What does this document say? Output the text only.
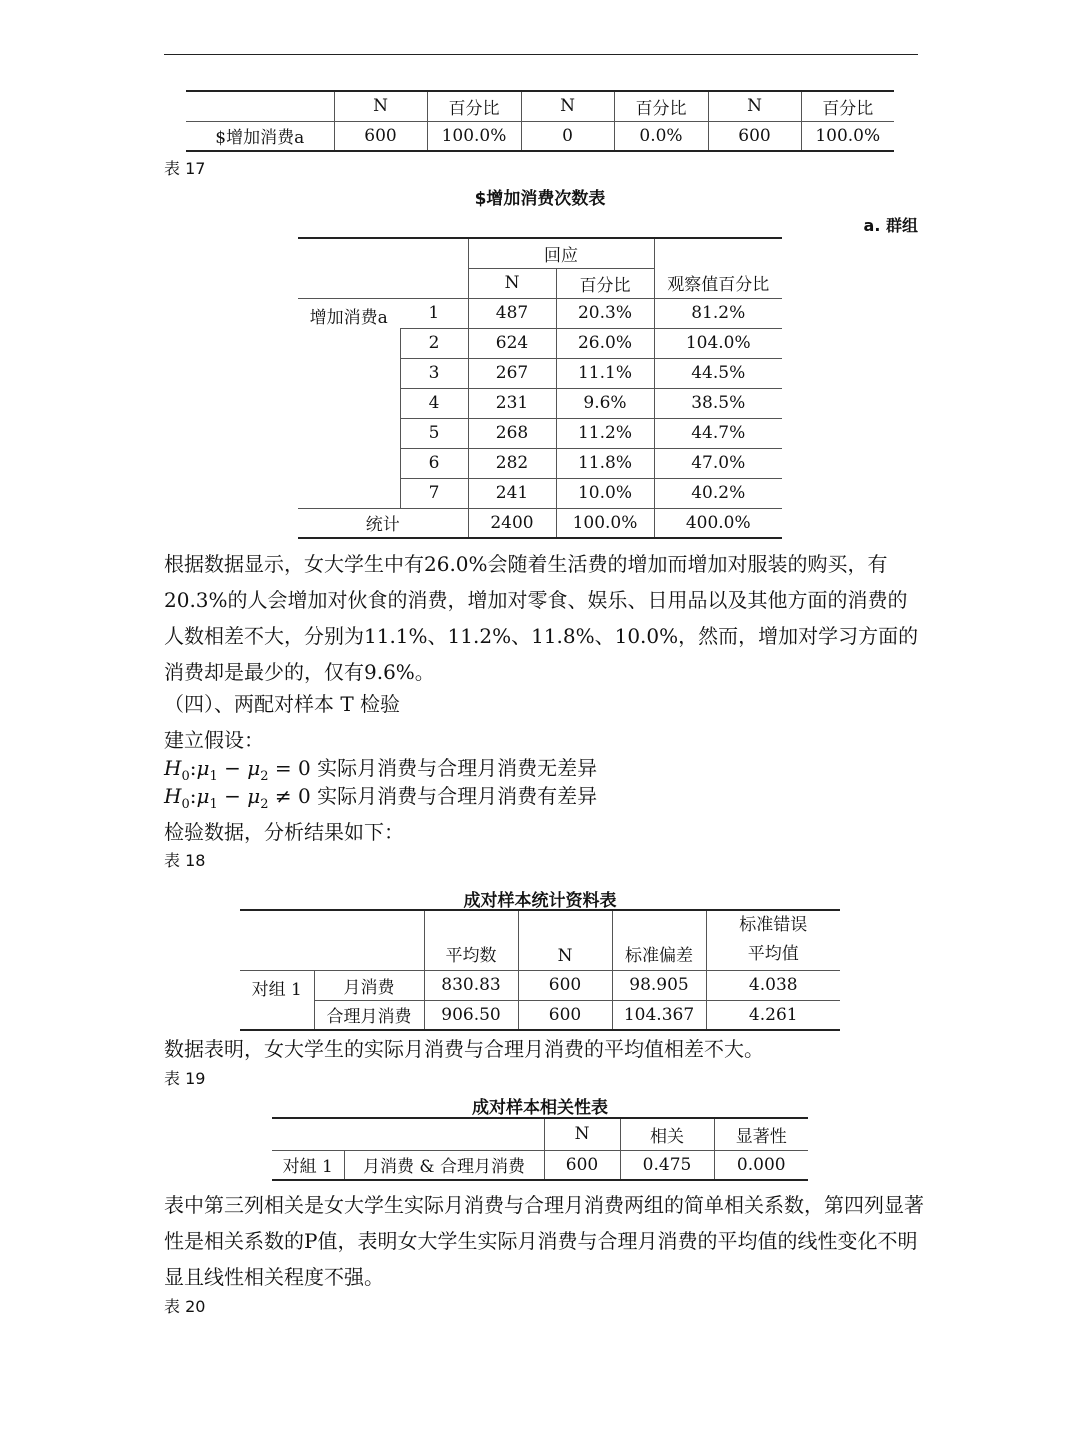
	N	百分比	N	百分比	N	百分比
$增加消费a	600	100.0%	0	0.0%	600	100.0%
表 17
$增加消费次数表
a. 群组
		回应		
		N	百分比	观察值百分比
增加消费a	1	487	20.3%	81.2%
	2	624	26.0%	104.0%
	3	267	11.1%	44.5%
	4	231	9.6%	38.5%
	5	268	11.2%	44.7%
	6	282	11.8%	47.0%
	7	241	10.0%	40.2%
统计		2400	100.0%	400.0%
根据数据显示，女大学生中有26.0%会随着生活费的增加而增加对服装的购买，有20.3%的人会增加对伙食的消费，增加对零食、娱乐、日用品以及其他方面的消费的人数相差不大，分别为11.1%、11.2%、11.8%、10.0%，然而，增加对学习方面的消费却是最少的，仅有9.6%。
（四）、两配对样本 T 检验
建立假设：
$H_0:\mu_1 - \mu_2 = 0$ 实际月消费与合理月消费无差异
$H_0:\mu_1 - \mu_2 \ne 0$ 实际月消费与合理月消费有差异
检验数据，分析结果如下：
表 18
成对样本统计资料表
		平均数	N	标准偏差	标准错误
平均值

对组 1	月消费	830.83	600	98.905	4.038
	合理月消费	906.50	600	104.367	4.261
数据表明，女大学生的实际月消费与合理月消费的平均值相差不大。
表 19
成对样本相关性表
		N	相关	显著性
对組 1	月消费 & 合理月消费	600	0.475	0.000
表中第三列相关是女大学生实际月消费与合理月消费两组的简单相关系数，第四列显著性是相关系数的P值，表明女大学生实际月消费与合理月消费的平均值的线性变化不明显且线性相关程度不强。
表 20
